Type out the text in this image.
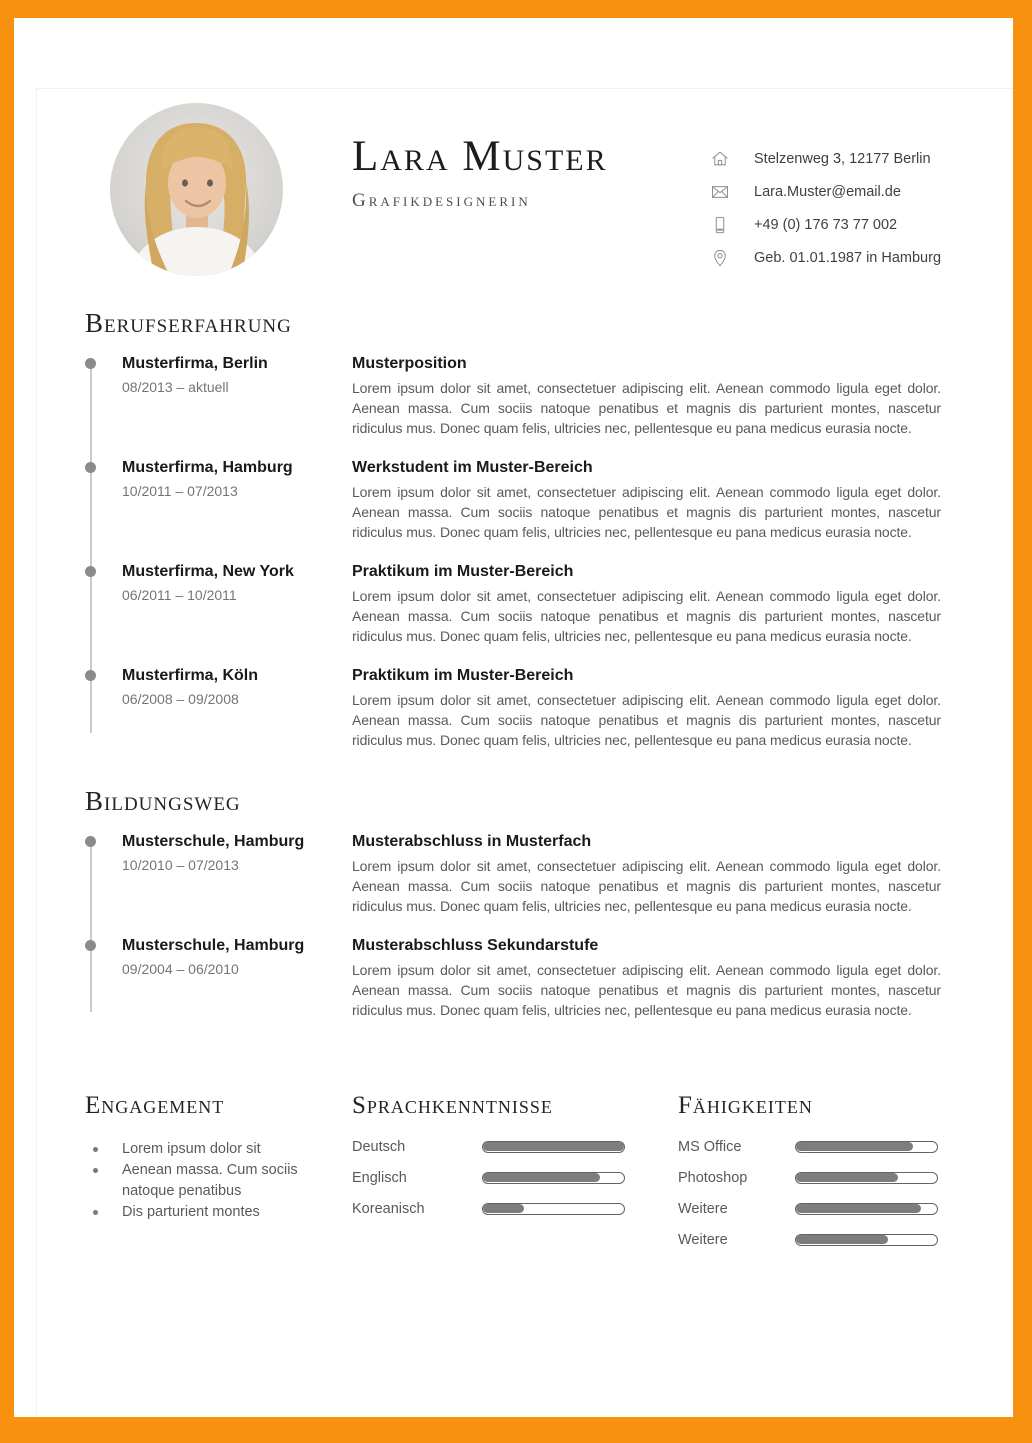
Lara Muster
Grafikdesignerin
Stelzenweg 3, 12177 Berlin
Lara.Muster@email.de
+49 (0) 176 73 77 002
Geb. 01.01.1987 in Hamburg
Berufserfahrung
Musterfirma, Berlin
08/2013 – aktuell
Musterposition
Lorem ipsum dolor sit amet, consectetuer adipiscing elit. Aenean commodo ligula eget dolor. Aenean massa. Cum sociis natoque penatibus et magnis dis parturient montes, nascetur ridiculus mus. Donec quam felis, ultricies nec, pellentesque eu pana medicus eurasia nocte.
Musterfirma, Hamburg
10/2011 – 07/2013
Werkstudent im Muster-Bereich
Lorem ipsum dolor sit amet, consectetuer adipiscing elit. Aenean commodo ligula eget dolor. Aenean massa. Cum sociis natoque penatibus et magnis dis parturient montes, nascetur ridiculus mus. Donec quam felis, ultricies nec, pellentesque eu pana medicus eurasia nocte.
Musterfirma, New York
06/2011 – 10/2011
Praktikum im Muster-Bereich
Lorem ipsum dolor sit amet, consectetuer adipiscing elit. Aenean commodo ligula eget dolor. Aenean massa. Cum sociis natoque penatibus et magnis dis parturient montes, nascetur ridiculus mus. Donec quam felis, ultricies nec, pellentesque eu pana medicus eurasia nocte.
Musterfirma, Köln
06/2008 – 09/2008
Praktikum im Muster-Bereich
Lorem ipsum dolor sit amet, consectetuer adipiscing elit. Aenean commodo ligula eget dolor. Aenean massa. Cum sociis natoque penatibus et magnis dis parturient montes, nascetur ridiculus mus. Donec quam felis, ultricies nec, pellentesque eu pana medicus eurasia nocte.
Bildungsweg
Musterschule, Hamburg
10/2010 – 07/2013
Musterabschluss in Musterfach
Lorem ipsum dolor sit amet, consectetuer adipiscing elit. Aenean commodo ligula eget dolor. Aenean massa. Cum sociis natoque penatibus et magnis dis parturient montes, nascetur ridiculus mus. Donec quam felis, ultricies nec, pellentesque eu pana medicus eurasia nocte.
Musterschule, Hamburg
09/2004 – 06/2010
Musterabschluss Sekundarstufe
Lorem ipsum dolor sit amet, consectetuer adipiscing elit. Aenean commodo ligula eget dolor. Aenean massa. Cum sociis natoque penatibus et magnis dis parturient montes, nascetur ridiculus mus. Donec quam felis, ultricies nec, pellentesque eu pana medicus eurasia nocte.
Engagement
Lorem ipsum dolor sit
Aenean massa. Cum sociis natoque penatibus
Dis parturient montes
Sprachkenntnisse
Deutsch
Englisch
Koreanisch
Fähigkeiten
MS Office
Photoshop
Weitere
Weitere
